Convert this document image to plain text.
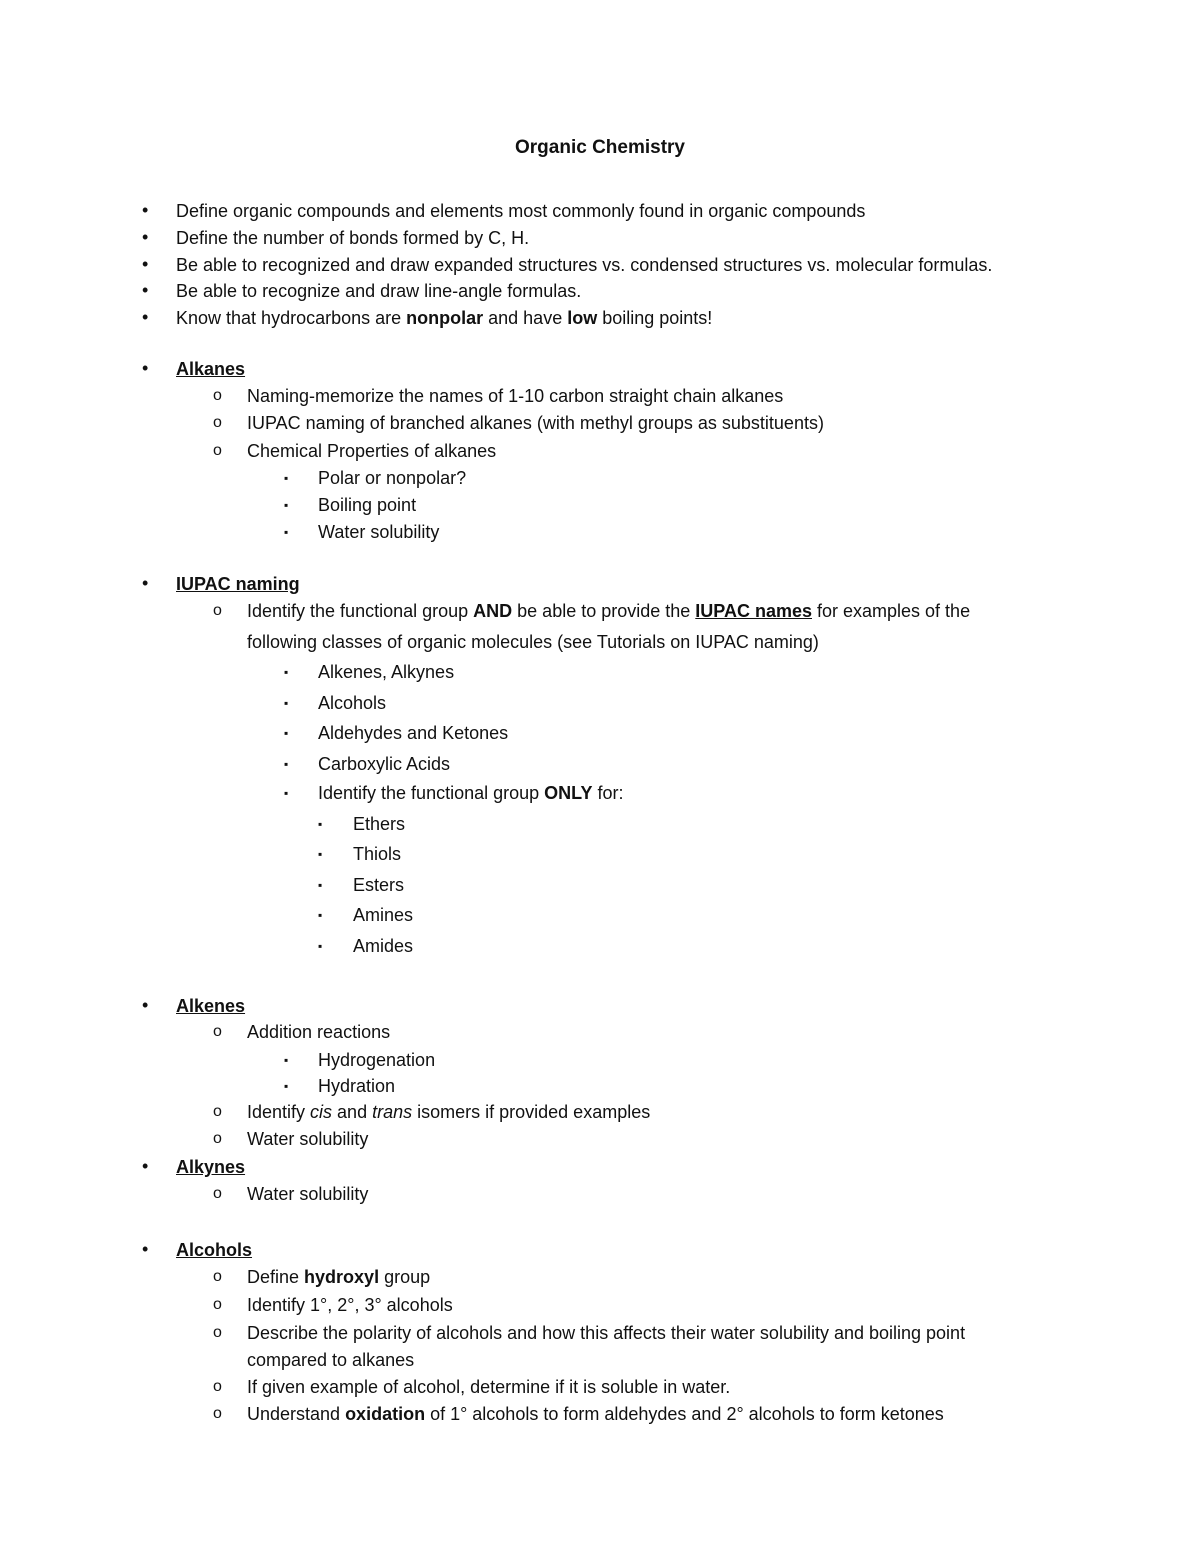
Organic Chemistry
• Define organic compounds and elements most commonly found in organic compounds
• Define the number of bonds formed by C, H.
• Be able to recognized and draw expanded structures vs. condensed structures vs. molecular formulas.
• Be able to recognize and draw line-angle formulas.
• Know that hydrocarbons are nonpolar and have low boiling points!
• Alkanes
o Naming-memorize the names of 1-10 carbon straight chain alkanes
o IUPAC naming of branched alkanes (with methyl groups as substituents)
o Chemical Properties of alkanes
▪ Polar or nonpolar?
▪ Boiling point
▪ Water solubility
• IUPAC naming
o Identify the functional group AND be able to provide the IUPAC names for examples of the
following classes of organic molecules (see Tutorials on IUPAC naming)
▪ Alkenes, Alkynes
▪ Alcohols
▪ Aldehydes and Ketones
▪ Carboxylic Acids
▪ Identify the functional group ONLY for:
▪ Ethers
▪ Thiols
▪ Esters
▪ Amines
▪ Amides
• Alkenes
o Addition reactions
▪ Hydrogenation
▪ Hydration
o Identify cis and trans isomers if provided examples
o Water solubility
• Alkynes
o Water solubility
• Alcohols
o Define hydroxyl group
o Identify 1°, 2°, 3° alcohols
o Describe the polarity of alcohols and how this affects their water solubility and boiling point
compared to alkanes
o If given example of alcohol, determine if it is soluble in water.
o Understand oxidation of 1° alcohols to form aldehydes and 2° alcohols to form ketones
